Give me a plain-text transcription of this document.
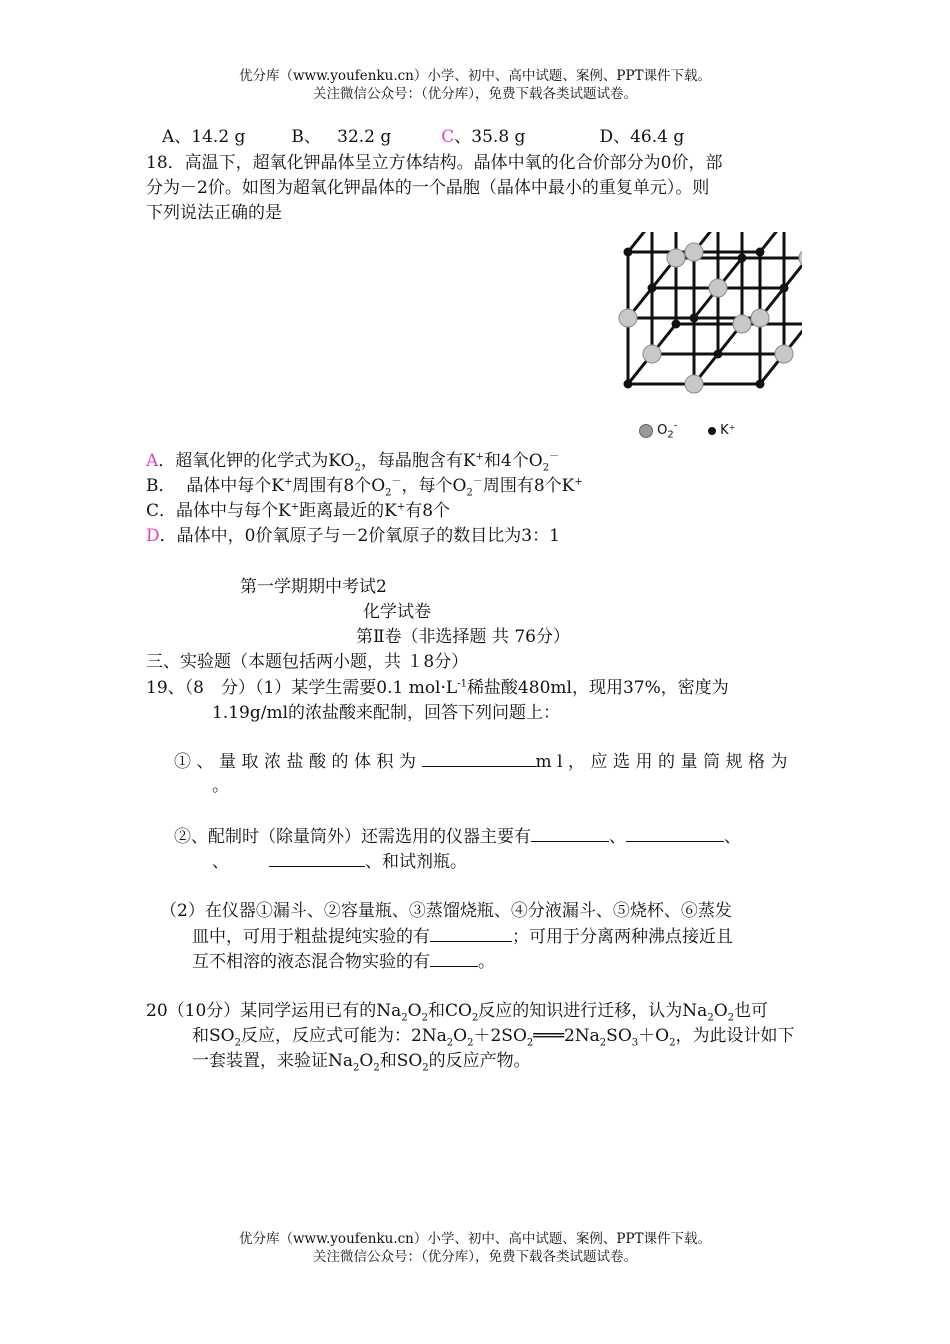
优分库（www.youfenku.cn）小学、初中、高中试题、案例、PPT课件下载。
关注微信公众号：（优分库），免费下载各类试题试卷。
A、14.2 g	B、 32.2 g	C、35.8 g	D、46.4 g
18．高温下，超氧化钾晶体呈立方体结构。晶体中氧的化合价部分为0价，部
分为－2价。如图为超氧化钾晶体的一个晶胞（晶体中最小的重复单元）。则
下列说法正确的是
$O_2^-$	K⁺
A．超氧化钾的化学式为$KO_2$，每晶胞含有K+和4个$O_2^-$
B． 晶体中每个K+周围有8个$O_2^-$，每个$O_2^-$周围有8个K+
C．晶体中与每个K+距离最近的K+有8个
D．晶体中，0价氧原子与－2价氧原子的数目比为3：1
第一学期期中考试2
化学试卷
第Ⅱ卷（非选择题 共 76分）
三、实验题（本题包括两小题，共 １8分）
19、（8　分）（1）某学生需要0.1 $mol\cdot L^{-1}$稀盐酸480ml，现用37%，密度为
1.19g/ml的浓盐酸来配制，回答下列问题上：
①、量取浓盐酸的体积为	ml，应选用的量筒规格为
。
②、配制时（除量筒外）还需选用的仪器主要有	、	、
、	、和试剂瓶。
（2）在仪器①漏斗、②容量瓶、③蒸馏烧瓶、④分液漏斗、⑤烧杯、⑥蒸发
皿中，可用于粗盐提纯实验的有	；可用于分离两种沸点接近且
互不相溶的液态混合物实验的有	。
20（10分）某同学运用已有的$Na_2O_2$和$CO_2$反应的知识进行迁移，认为$Na_2O_2$也可
和$SO_2$反应，反应式可能为：$2Na_2O_2+2SO_2═══2Na_2SO_3+O_2$，为此设计如下
一套装置，来验证$Na_2O_2$和$SO_2$的反应产物。
优分库（www.youfenku.cn）小学、初中、高中试题、案例、PPT课件下载。
关注微信公众号：（优分库），免费下载各类试题试卷。
